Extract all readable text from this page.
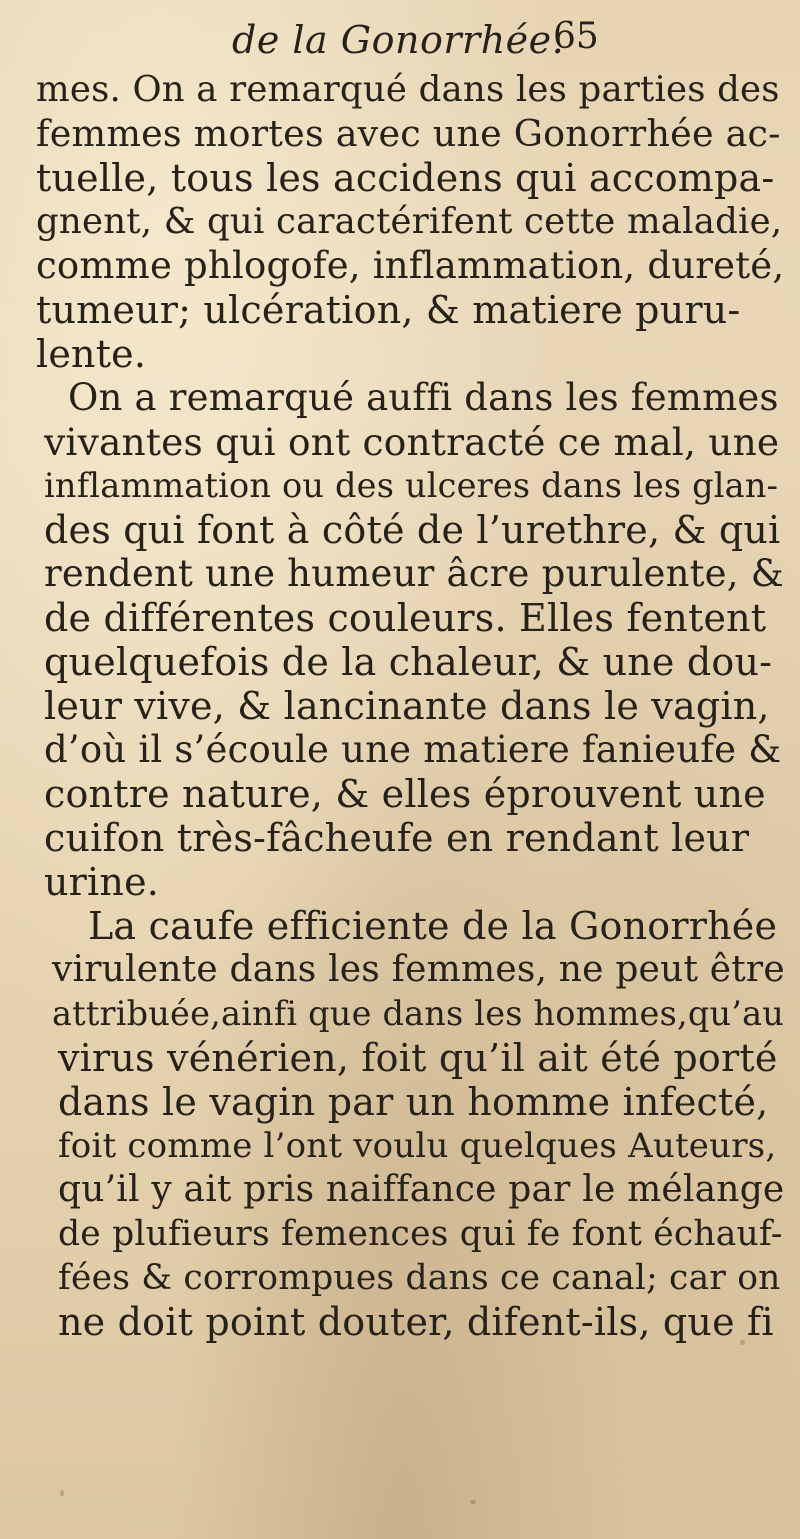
de la Gonorrhée.
65
mes. On a remarqué dans les parties des
femmes mortes avec une Gonorrhée ac-
tuelle, tous les accidens qui accompa-
gnent, & qui caractérifent cette maladie,
comme phlogofe, inflammation, dureté,
tumeur; ulcération, & matiere puru-
lente.
On a remarqué auffi dans les femmes
vivantes qui ont contracté ce mal, une
inflammation ou des ulceres dans les glan-
des qui font à côté de l’urethre, & qui
rendent une humeur âcre purulente, &
de différentes couleurs. Elles fentent
quelquefois de la chaleur, & une dou-
leur vive, & lancinante dans le vagin,
d’où il s’écoule une matiere fanieufe &
contre nature, & elles éprouvent une
cuifon très-fâcheufe en rendant leur
urine.
La caufe efficiente de la Gonorrhée
virulente dans les femmes, ne peut être
attribuée,ainfi que dans les hommes,qu’au
virus vénérien, foit qu’il ait été porté
dans le vagin par un homme infecté,
foit comme l’ont voulu quelques Auteurs,
qu’il y ait pris naiffance par le mélange
de plufieurs femences qui fe font échauf-
fées & corrompues dans ce canal; car on
ne doit point douter, difent-ils, que fi
